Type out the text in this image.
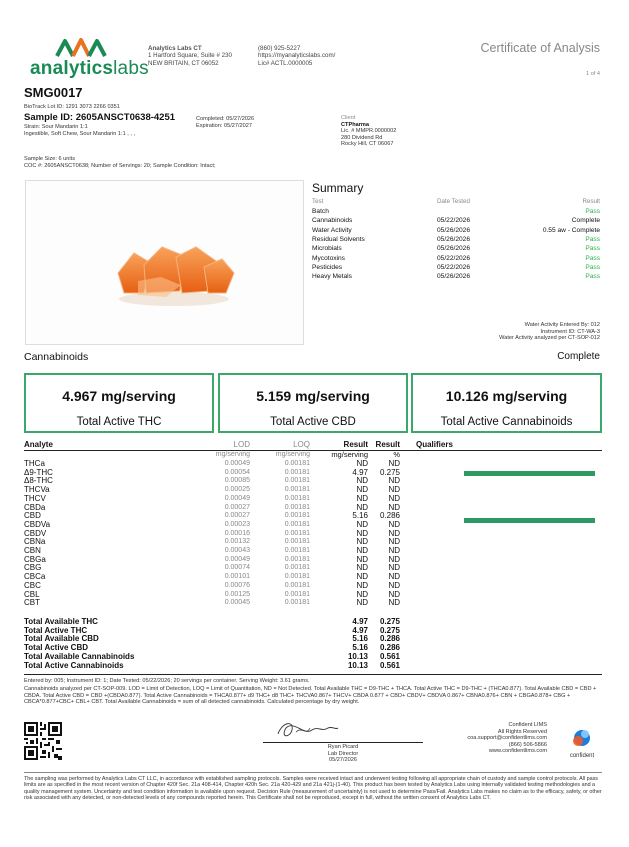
analyticslabs
Analytics Labs CT
1 Hartford Square, Suite # 230
NEW BRITAIN, CT 06052
(860) 925-5227
https://myanalyticslabs.com/
Lic# ACTL.0000005
Certificate of Analysis
1 of 4
SMG0017
BioTrack Lot ID: 1291 3073 2266 0351
Sample ID: 2605ANSCT0638-4251
Strain: Sour Mandarin 1:1
Ingestible, Soft Chew, Sour Mandarin 1:1 , , ,
Completed: 05/27/2026
Expiration: 05/27/2027
Sample Size: 6 units
COC #: 2605ANSCT0638; Number of Servings: 20; Sample Condition: Intact;
Client
CTPharma
Lic. # MMPR.0000002
280 Dividend Rd
Rocky Hill, CT 06067
Summary
Test	Date Tested	Result
Batch	Pass
Cannabinoids	05/22/2026	Complete
Water Activity	05/26/2026	0.55 aw - Complete
Residual Solvents	05/26/2026	Pass
Microbials	05/26/2026	Pass
Mycotoxins	05/22/2026	Pass
Pesticides	05/22/2026	Pass
Heavy Metals	05/26/2026	Pass
Water Activity Entered By: 012
Instrument ID: CT-WA-3
Water Activity analyzed per CT-SOP-012
Cannabinoids	Complete
4.967 mg/serving
Total Active THC
5.159 mg/serving
Total Active CBD
10.126 mg/serving
Total Active Cannabinoids
Analyte	LOD	LOQ	Result Result Qualifiers
mg/serving	mg/serving	mg/serving	%
THCa	0.00049	0.00181	ND	ND
Δ9-THC	0.00054	0.00181	4.97	0.275
Δ8-THC	0.00085	0.00181	ND	ND
THCVa	0.00025	0.00181	ND	ND
THCV	0.00049	0.00181	ND	ND
CBDa	0.00027	0.00181	ND	ND
CBD	0.00027	0.00181	5.16	0.286
CBDVa	0.00023	0.00181	ND	ND
CBDV	0.00016	0.00181	ND	ND
CBNa	0.00132	0.00181	ND	ND
CBN	0.00043	0.00181	ND	ND
CBGa	0.00049	0.00181	ND	ND
CBG	0.00074	0.00181	ND	ND
CBCa	0.00101	0.00181	ND	ND
CBC	0.00076	0.00181	ND	ND
CBL	0.00125	0.00181	ND	ND
CBT	0.00045	0.00181	ND	ND
Total Available THC	4.97	0.275
Total Active THC	4.97	0.275
Total Available CBD	5.16	0.286
Total Active CBD	5.16	0.286
Total Available Cannabinoids	10.13	0.561
Total Active Cannabinoids	10.13	0.561
Entered by: 005; Instrument ID: 1; Date Tested: 05/22/2026; 20 servings per container. Serving Weight: 3.61 grams.
Cannabinoids analyzed per CT-SOP-009. LOD = Limit of Detection, LOQ = Limit of Quantitation, ND = Not Detected. Total Available THC = D9-THC + THCA. Total Active THC = D9-THC + (THCA0.877). Total Available CBD = CBD + CBDA. Total Active CBD = CBD +(CBDA0.877). Total Active Cannabinoids = THCA0.877+ d9 THC+ d8 THC+ THCVA0.867+ THCV+ CBDA 0.877 + CBD+ CBDV+ CBDVA 0.867+ CBNA0.876+ CBN + CBGA0.878+ CBG + CBCA*0.877+CBC+ CBL+ CBT. Total Available Cannabinoids = sum of all detected cannabinoids. Calculated percentage by dry weight.
Ryan Picard
Lab Director
05/27/2026
Confident LIMS
All Rights Reserved
coa.support@confidentlims.com
(866) 506-5866
www.confidentlims.com
confident
The sampling was performed by Analytics Labs CT LLC, in accordance with established sampling protocols. Samples were received intact and underwent testing following all appropriate chain of custody and sample control protocols. All pass limits are as specified in the most recent version of Chapter 420f Sec. 21a 408-414, Chapter 420h Sec. 21a 420-429 and 21a 421j-(1-40). This product has been tested by Analytics Labs using internally validated testing methodologies and a quality management system. Uncertainty and test condition information is available upon request. Decision Rule (measurement of uncertainty) is not used to determine Pass/Fail. Analytics Labs makes no claim as to the efficacy, safety, or other risk associated with any detected, or non-detected levels of any compounds reported herein. This Certificate shall not be reproduced, except in full, without the written consent of Analytics Labs CT.
